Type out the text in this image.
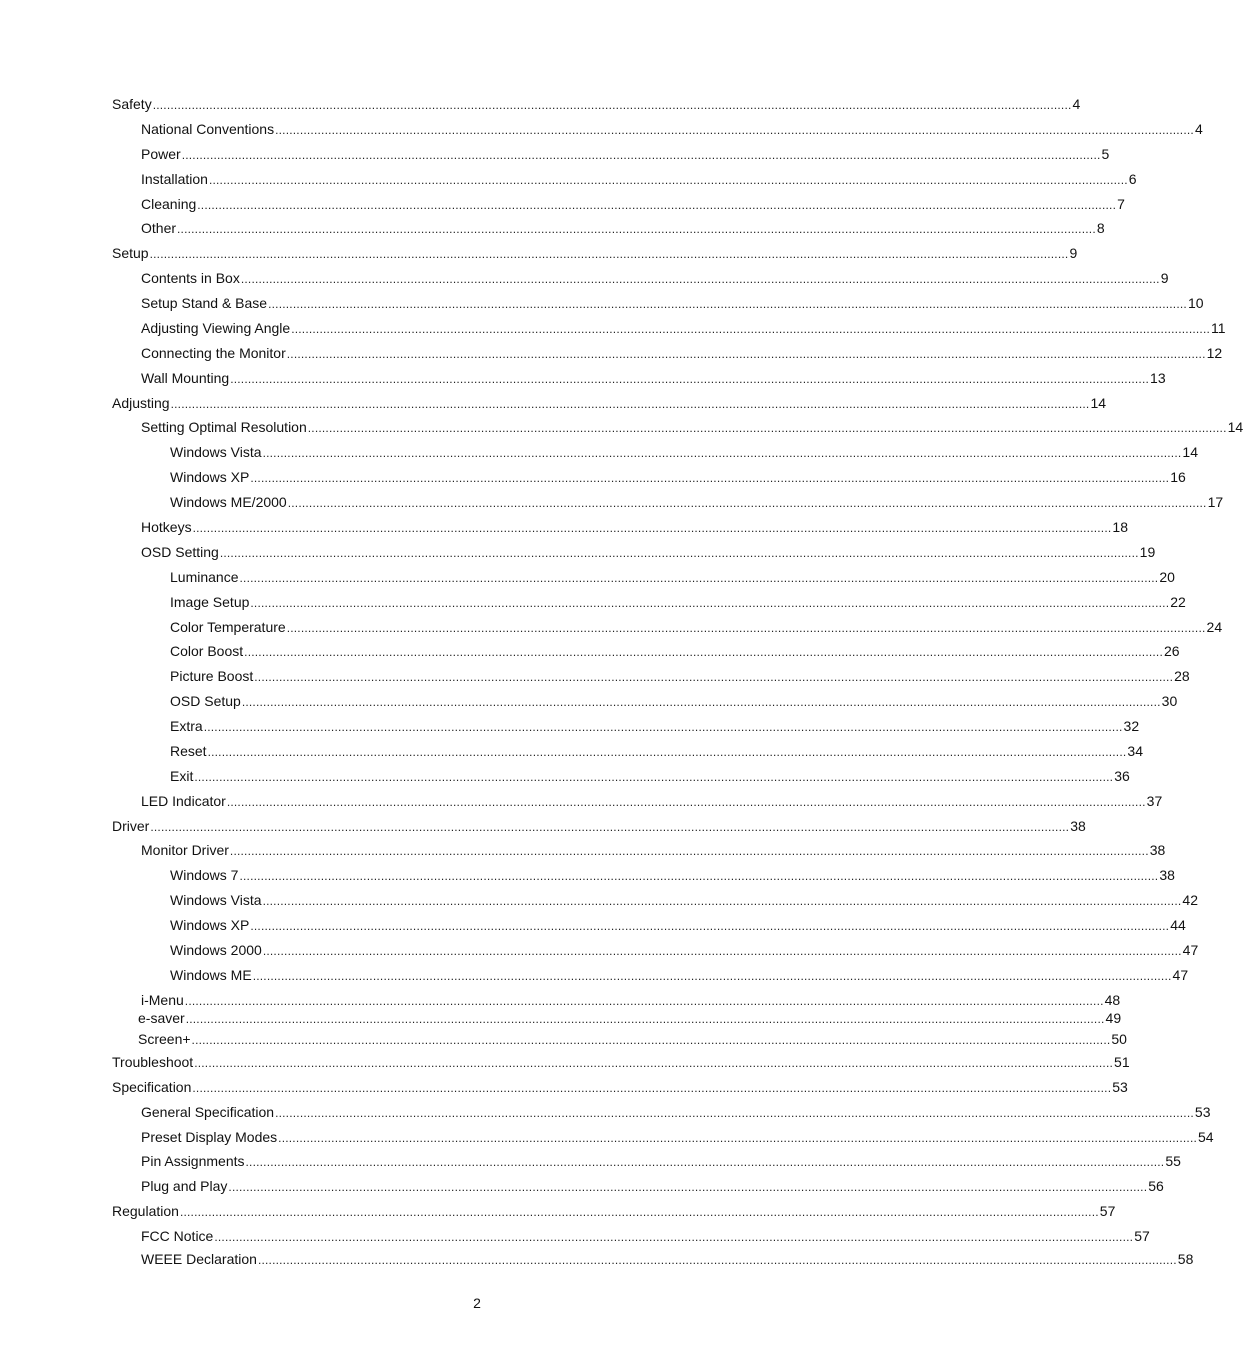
Safety .................................................................................................................................................................................................................................................................... 4
National Conventions .................................................................................................................................................................................................................................................................... 4
Power .................................................................................................................................................................................................................................................................... 5
Installation .................................................................................................................................................................................................................................................................... 6
Cleaning .................................................................................................................................................................................................................................................................... 7
Other .................................................................................................................................................................................................................................................................... 8
Setup .................................................................................................................................................................................................................................................................... 9
Contents in Box .................................................................................................................................................................................................................................................................... 9
Setup Stand & Base .................................................................................................................................................................................................................................................................... 10
Adjusting Viewing Angle .................................................................................................................................................................................................................................................................... 11
Connecting the Monitor .................................................................................................................................................................................................................................................................... 12
Wall Mounting .................................................................................................................................................................................................................................................................... 13
Adjusting .................................................................................................................................................................................................................................................................... 14
Setting Optimal Resolution .................................................................................................................................................................................................................................................................... 14
Windows Vista .................................................................................................................................................................................................................................................................... 14
Windows XP .................................................................................................................................................................................................................................................................... 16
Windows ME/2000 .................................................................................................................................................................................................................................................................... 17
Hotkeys .................................................................................................................................................................................................................................................................... 18
OSD Setting .................................................................................................................................................................................................................................................................... 19
Luminance .................................................................................................................................................................................................................................................................... 20
Image Setup .................................................................................................................................................................................................................................................................... 22
Color Temperature .................................................................................................................................................................................................................................................................... 24
Color Boost .................................................................................................................................................................................................................................................................... 26
Picture Boost .................................................................................................................................................................................................................................................................... 28
OSD Setup .................................................................................................................................................................................................................................................................... 30
Extra .................................................................................................................................................................................................................................................................... 32
Reset .................................................................................................................................................................................................................................................................... 34
Exit .................................................................................................................................................................................................................................................................... 36
LED Indicator .................................................................................................................................................................................................................................................................... 37
Driver .................................................................................................................................................................................................................................................................... 38
Monitor Driver .................................................................................................................................................................................................................................................................... 38
Windows 7 .................................................................................................................................................................................................................................................................... 38
Windows Vista .................................................................................................................................................................................................................................................................... 42
Windows XP .................................................................................................................................................................................................................................................................... 44
Windows 2000 .................................................................................................................................................................................................................................................................... 47
Windows ME .................................................................................................................................................................................................................................................................... 47
i-Menu .................................................................................................................................................................................................................................................................... 48
e-saver .................................................................................................................................................................................................................................................................... 49
Screen+ .................................................................................................................................................................................................................................................................... 50
Troubleshoot .................................................................................................................................................................................................................................................................... 51
Specification .................................................................................................................................................................................................................................................................... 53
General Specification .................................................................................................................................................................................................................................................................... 53
Preset Display Modes .................................................................................................................................................................................................................................................................... 54
Pin Assignments .................................................................................................................................................................................................................................................................... 55
Plug and Play .................................................................................................................................................................................................................................................................... 56
Regulation .................................................................................................................................................................................................................................................................... 57
FCC Notice .................................................................................................................................................................................................................................................................... 57
WEEE Declaration .................................................................................................................................................................................................................................................................... 58
2
